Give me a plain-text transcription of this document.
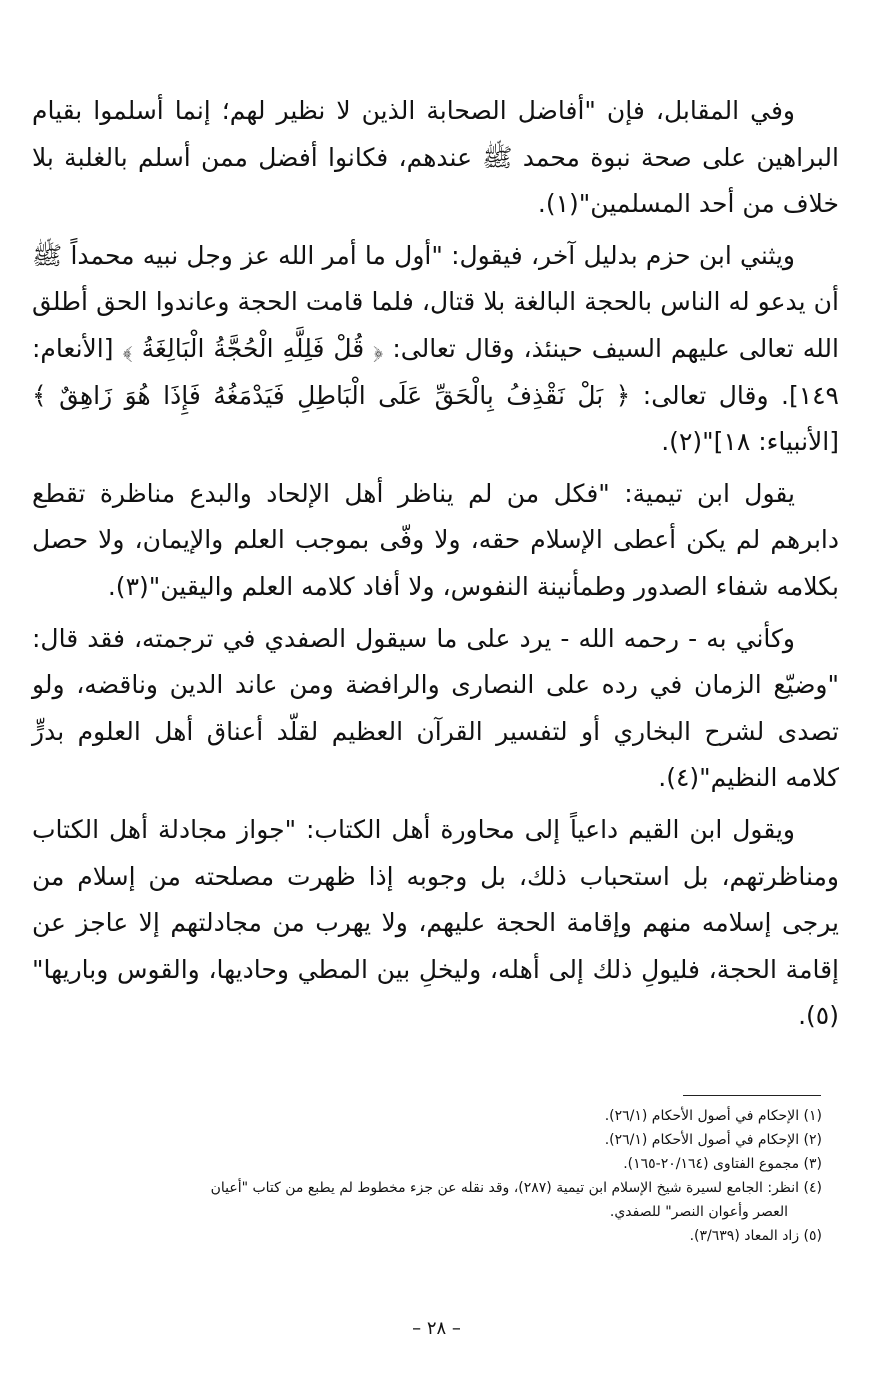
وفي المقابل، فإن "أفاضل الصحابة الذين لا نظير لهم؛ إنما أسلموا بقيام البراهين على صحة نبوة محمد ﷺ عندهم، فكانوا أفضل ممن أسلم بالغلبة بلا خلاف من أحد المسلمين"(١).

ويثني ابن حزم بدليل آخر، فيقول: "أول ما أمر الله عز وجل نبيه محمداً ﷺ أن يدعو له الناس بالحجة البالغة بلا قتال، فلما قامت الحجة وعاندوا الحق أطلق الله تعالى عليهم السيف حينئذ، وقال تعالى: ﴿ قُلْ فَلِلَّهِ الْحُجَّةُ الْبَالِغَةُ ﴾ [الأنعام: ١٤٩]. وقال تعالى: ﴿ بَلْ نَقْذِفُ بِالْحَقِّ عَلَى الْبَاطِلِ فَيَدْمَغُهُ فَإِذَا هُوَ زَاهِقٌ ﴾ [الأنبياء: ١٨]"(٢).

يقول ابن تيمية: "فكل من لم يناظر أهل الإلحاد والبدع مناظرة تقطع دابرهم لم يكن أعطى الإسلام حقه، ولا وفّى بموجب العلم والإيمان، ولا حصل بكلامه شفاء الصدور وطمأنينة النفوس، ولا أفاد كلامه العلم واليقين"(٣).

وكأني به - رحمه الله - يرد على ما سيقول الصفدي في ترجمته، فقد قال: "وضيّع الزمان في رده على النصارى والرافضة ومن عاند الدين وناقضه، ولو تصدى لشرح البخاري أو لتفسير القرآن العظيم لقلّد أعناق أهل العلوم بدرٍّ كلامه النظيم"(٤).

ويقول ابن القيم داعياً إلى محاورة أهل الكتاب: "جواز مجادلة أهل الكتاب ومناظرتهم، بل استحباب ذلك، بل وجوبه إذا ظهرت مصلحته من إسلام من يرجى إسلامه منهم وإقامة الحجة عليهم، ولا يهرب من مجادلتهم إلا عاجز عن إقامة الحجة، فليولِ ذلك إلى أهله، وليخلِ بين المطي وحاديها، والقوس وباريها"(٥).

(١) الإحكام في أصول الأحكام (٢٦/١).

(٢) الإحكام في أصول الأحكام (٢٦/١).

(٣) مجموع الفتاوى (٢٠/١٦٤-١٦٥).

(٤) انظر: الجامع لسيرة شيخ الإسلام ابن تيمية (٢٨٧)، وقد نقله عن جزء مخطوط لم يطبع من كتاب "أعيان

العصر وأعوان النصر" للصفدي.

(٥) زاد المعاد (٣/٦٣٩).

– ٢٨ –
